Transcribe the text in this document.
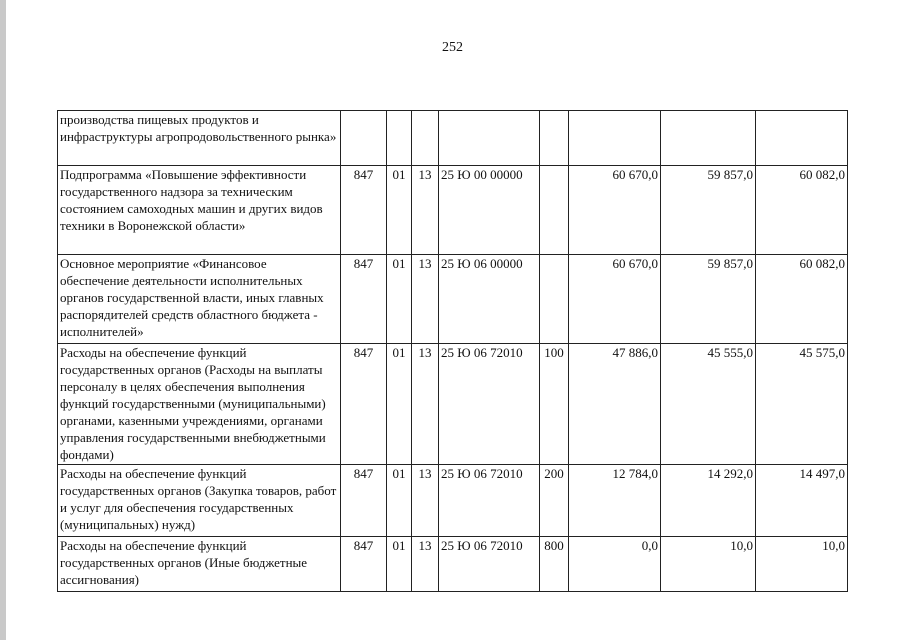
252
производства пищевых продуктов и инфраструктуры агропродовольственного рынка»								
Подпрограмма «Повышение эффективности государственного надзора за техническим состоянием самоходных машин и других видов техники в Воронежской области»	847	01	13	25 Ю 00 00000		60 670,0	59 857,0	60 082,0
Основное мероприятие «Финансовое обеспечение деятельности исполнительных органов государственной власти, иных главных распорядителей средств областного бюджета - исполнителей»	847	01	13	25 Ю 06 00000		60 670,0	59 857,0	60 082,0
Расходы на обеспечение функций государственных органов (Расходы на выплаты персоналу в целях обеспечения выполнения функций государственными (муниципальными) органами, казенными учреждениями, органами управления государственными внебюджетными фондами)	847	01	13	25 Ю 06 72010	100	47 886,0	45 555,0	45 575,0
Расходы на обеспечение функций государственных органов (Закупка товаров, работ и услуг для обеспечения государственных (муниципальных) нужд)	847	01	13	25 Ю 06 72010	200	12 784,0	14 292,0	14 497,0
Расходы на обеспечение функций государственных органов (Иные бюджетные ассигнования)	847	01	13	25 Ю 06 72010	800	0,0	10,0	10,0
